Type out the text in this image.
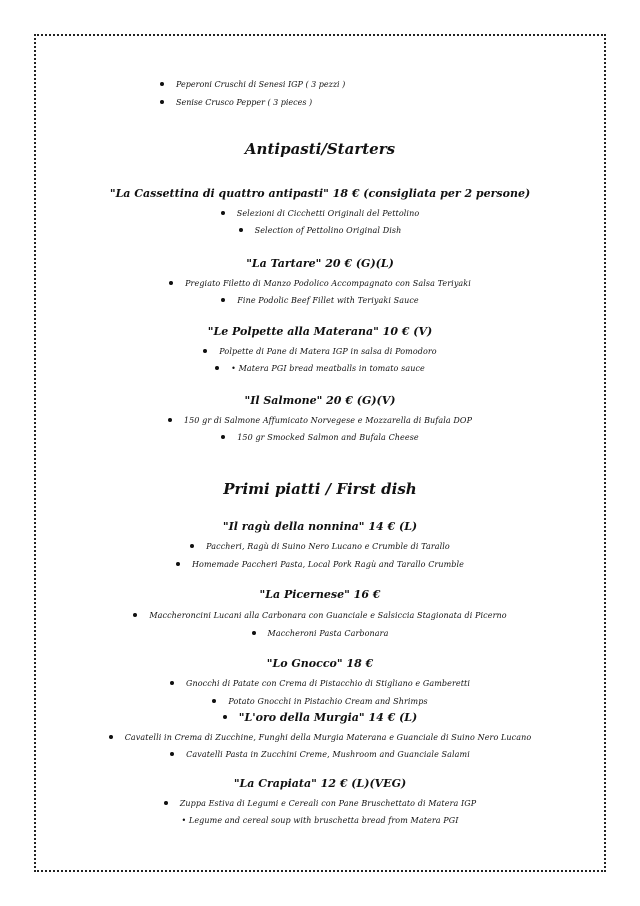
Peperoni Cruschi di Senesi IGP ( 3 pezzi )
Senise Crusco Pepper ( 3 pieces )
Antipasti/Starters
"La Cassettina di quattro antipasti" 18 € (consigliata per 2 persone)
Selezioni di Cicchetti Originali del Pettolino
Selection of Pettolino Original Dish
"La Tartare" 20 € (G)(L)
Pregiato Filetto di Manzo Podolico Accompagnato con Salsa Teriyaki
Fine Podolic Beef Fillet with Teriyaki Sauce
"Le Polpette alla Materana" 10 € (V)
Polpette di Pane di Matera IGP in salsa di Pomodoro
• Matera PGI bread meatballs in tomato sauce
"Il Salmone" 20 € (G)(V)
150 gr di Salmone Affumicato Norvegese e Mozzarella di Bufala DOP
150 gr Smocked Salmon and Bufala Cheese
Primi piatti / First dish
"Il ragù della nonnina" 14 € (L)
Paccheri, Ragù di Suino Nero Lucano e Crumble di Tarallo
Homemade Paccheri Pasta, Local Pork Ragù and Tarallo Crumble
"La Picernese" 16 €
Maccheroncini Lucani alla Carbonara con Guanciale e Salsiccia Stagionata di Picerno
Maccheroni Pasta Carbonara
"Lo Gnocco" 18 €
Gnocchi di Patate con Crema di Pistacchio di Stigliano e Gamberetti
Potato Gnocchi in Pistachio Cream and Shrimps
"L'oro della Murgia" 14 € (L)
Cavatelli in Crema di Zucchine, Funghi della Murgia Materana e Guanciale di Suino Nero Lucano
Cavatelli Pasta in Zucchini Creme, Mushroom and Guanciale Salami
"La Crapiata" 12 € (L)(VEG)
Zuppa Estiva di Legumi e Cereali con Pane Bruschettato di Matera IGP
• Legume and cereal soup with bruschetta bread from Matera PGI
